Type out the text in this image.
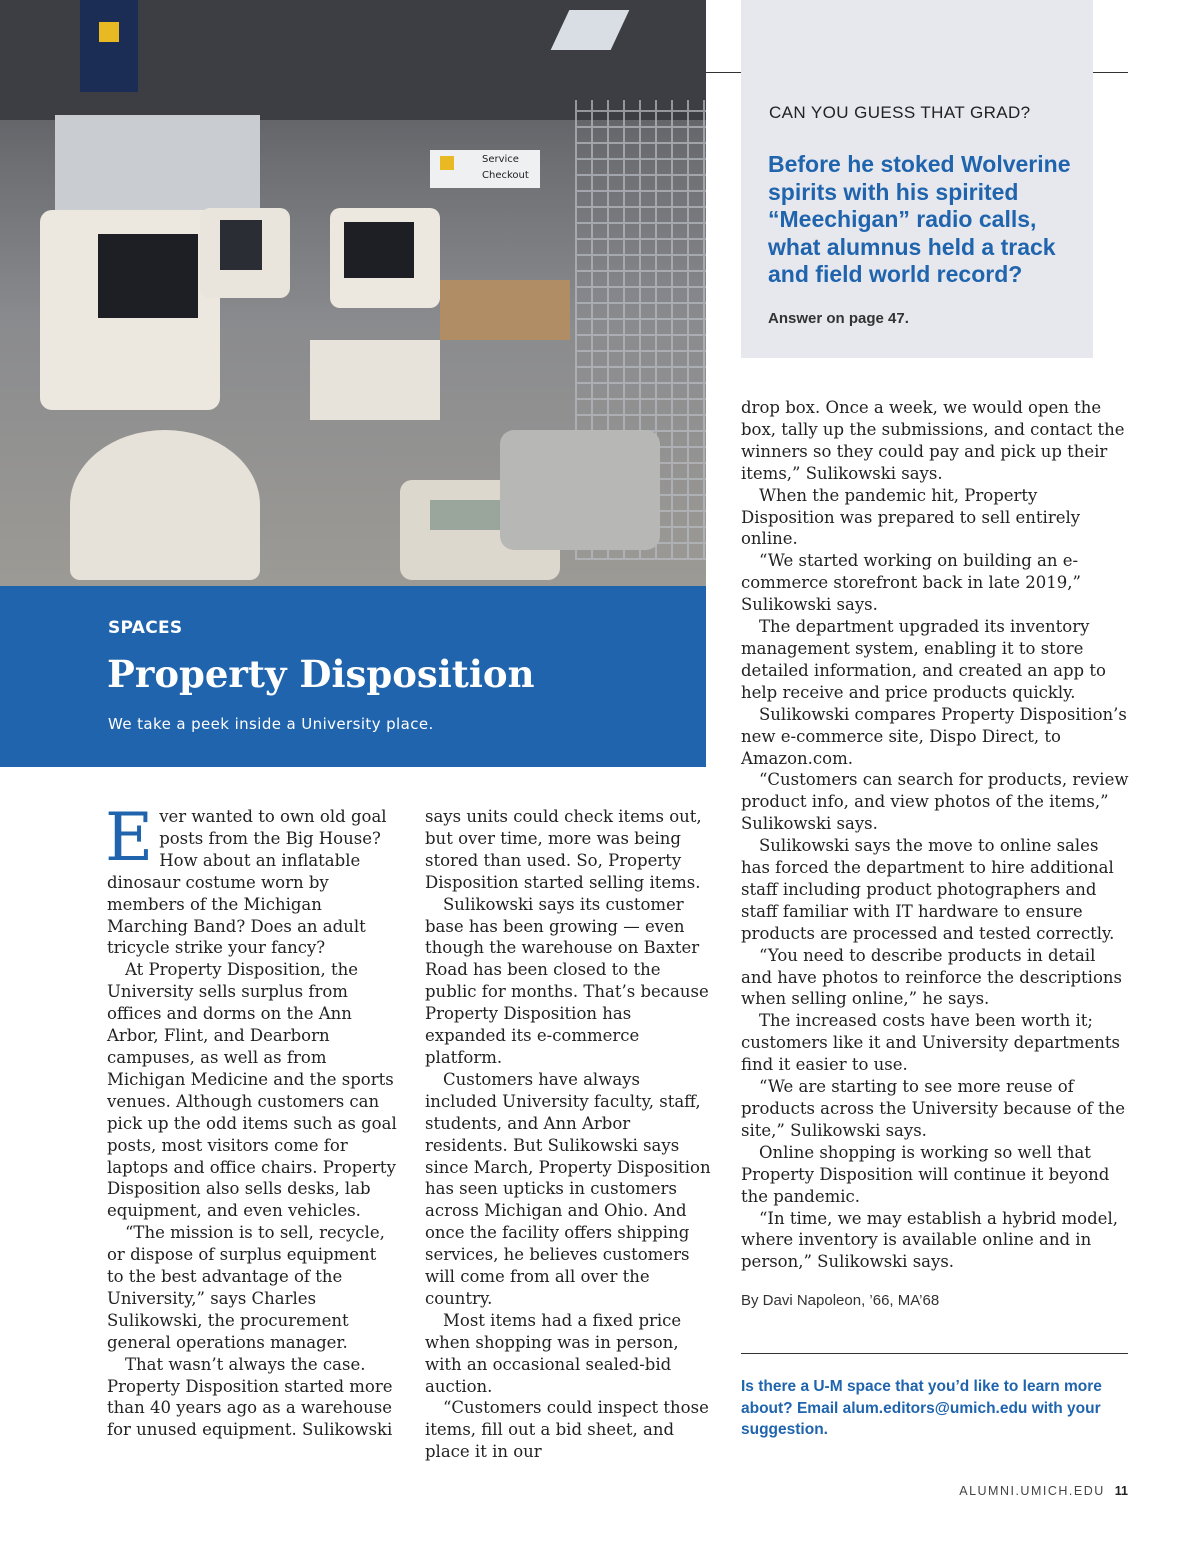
Service
Checkout
SPACES
Property Disposition
We take a peek inside a University place.
CAN YOU GUESS THAT GRAD?

Before he stoked Wolverine spirits with his spirited “Meechigan” radio calls, what alumnus held a track and field world record?

Answer on page 47.

Ever wanted to own old goal posts from the Big House? How about an inflatable dinosaur costume worn by members of the Michigan Marching Band? Does an adult tricycle strike your fancy?

At Property Disposition, the University sells surplus from offices and dorms on the Ann Arbor, Flint, and Dearborn campuses, as well as from Michigan Medicine and the sports venues. Although customers can pick up the odd items such as goal posts, most visitors come for laptops and office chairs. Property Disposition also sells desks, lab equipment, and even vehicles.

“The mission is to sell, recycle, or dispose of surplus equipment to the best advantage of the University,” says Charles Sulikowski, the procurement general operations manager.

That wasn’t always the case. Property Disposition started more than 40 years ago as a warehouse for unused equipment. Sulikowski

says units could check items out, but over time, more was being stored than used. So, Property Disposition started selling items.

Sulikowski says its customer base has been growing — even though the warehouse on Baxter Road has been closed to the public for months. That’s because Property Disposition has expanded its e-commerce platform.

Customers have always included University faculty, staff, students, and Ann Arbor residents. But Sulikowski says since March, Property Disposition has seen upticks in customers across Michigan and Ohio. And once the facility offers shipping services, he believes customers will come from all over the country.

Most items had a fixed price when shopping was in person, with an occasional sealed-bid auction.

“Customers could inspect those items, fill out a bid sheet, and place it in our

drop box. Once a week, we would open the box, tally up the submissions, and contact the winners so they could pay and pick up their items,” Sulikowski says.

When the pandemic hit, Property Disposition was prepared to sell entirely online.

“We started working on building an e-commerce storefront back in late 2019,” Sulikowski says.

The department upgraded its inventory management system, enabling it to store detailed information, and created an app to help receive and price products quickly.

Sulikowski compares Property Disposition’s new e-commerce site, Dispo Direct, to Amazon.com.

“Customers can search for products, review product info, and view photos of the items,” Sulikowski says.

Sulikowski says the move to online sales has forced the department to hire additional staff including product photographers and staff familiar with IT hardware to ensure products are processed and tested correctly.

“You need to describe products in detail and have photos to reinforce the descriptions when selling online,” he says.

The increased costs have been worth it; customers like it and University departments find it easier to use.

“We are starting to see more reuse of products across the University because of the site,” Sulikowski says.

Online shopping is working so well that Property Disposition will continue it beyond the pandemic.

“In time, we may establish a hybrid model, where inventory is available online and in person,” Sulikowski says.

By Davi Napoleon, ’66, MA’68

Is there a U-M space that you’d like to learn more about? Email alum.editors@umich.edu with your suggestion.

ALUMNI.UMICH.EDU 11
